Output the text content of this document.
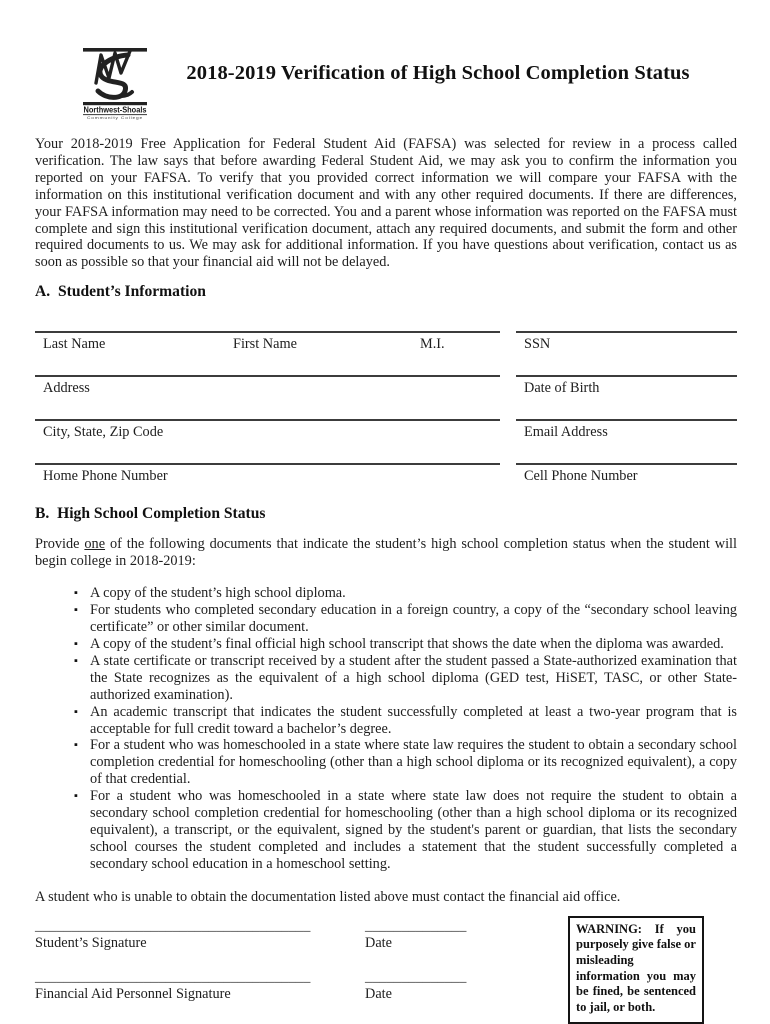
Northwest-Shoals
Community College
2018-2019 Verification of High School Completion Status

Your 2018-2019 Free Application for Federal Student Aid (FAFSA) was selected for review in a process called verification. The law says that before awarding Federal Student Aid, we may ask you to confirm the information you reported on your FAFSA. To verify that you provided correct information we will compare your FAFSA with the information on this institutional verification document and with any other required documents. If there are differences, your FAFSA information may need to be corrected. You and a parent whose information was reported on the FAFSA must complete and sign this institutional verification document, attach any required documents, and submit the form and other required documents to us. We may ask for additional information. If you have questions about verification, contact us as soon as possible so that your financial aid will not be delayed.

A.  Student’s Information
Last Name	First Name	M.I.	SSN
Address	Date of Birth
City, State, Zip Code	Email Address
Home Phone Number	Cell Phone Number
B.  High School Completion Status

Provide one of the following documents that indicate the student’s high school completion status when the student will begin college in 2018-2019:

▪ A copy of the student’s high school diploma.
▪ For students who completed secondary education in a foreign country, a copy of the “secondary school leaving certificate” or other similar document.
▪ A copy of the student’s final official high school transcript that shows the date when the diploma was awarded.
▪ A state certificate or transcript received by a student after the student passed a State-authorized examination that the State recognizes as the equivalent of a high school diploma (GED test, HiSET, TASC, or other State-authorized examination).
▪ An academic transcript that indicates the student successfully completed at least a two-year program that is acceptable for full credit toward a bachelor’s degree.
▪ For a student who was homeschooled in a state where state law requires the student to obtain a secondary school completion credential for homeschooling (other than a high school diploma or its recognized equivalent), a copy of that credential.
▪ For a student who was homeschooled in a state where state law does not require the student to obtain a secondary school completion credential for homeschooling (other than a high school diploma or its recognized equivalent), a transcript, or the equivalent, signed by the student's parent or guardian, that lists the secondary school courses the student completed and includes a statement that the student successfully completed a secondary school education in a homeschool setting.

A student who is unable to obtain the documentation listed above must contact the financial aid office.

______________________________________
Student’s Signature
______________
Date
______________________________________
Financial Aid Personnel Signature
______________
Date
WARNING: If you purposely give false or misleading information you may be fined, be sentenced to jail, or both.
